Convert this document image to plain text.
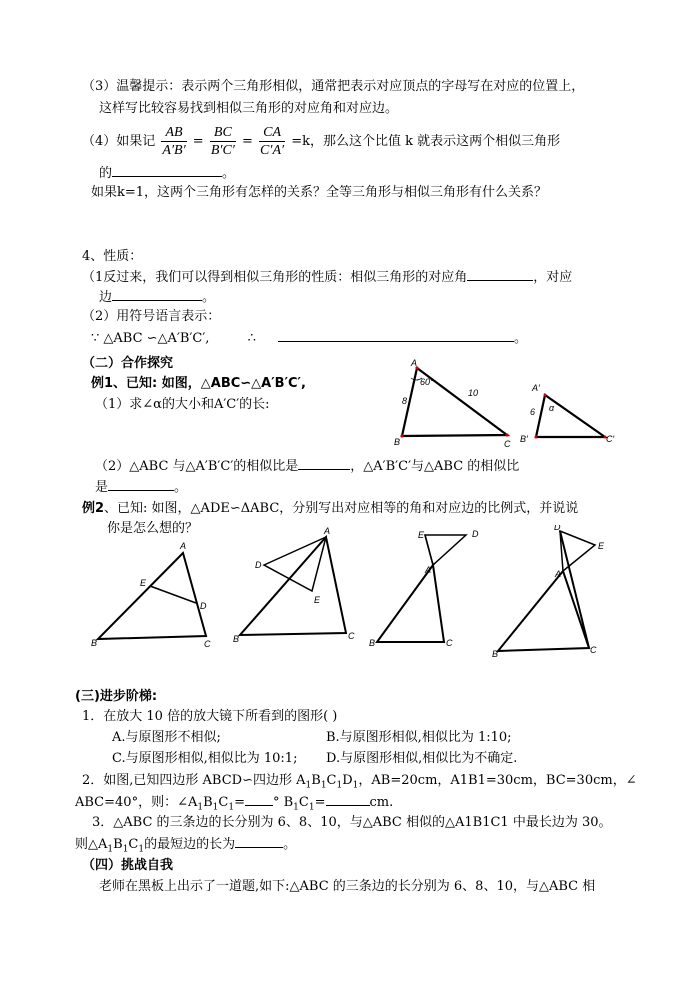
（3）温馨提示：表示两个三角形相似，通常把表示对应顶点的字母写在对应的位置上，
这样写比较容易找到相似三角形的对应角和对应边。
（4）如果记 $\frac{AB}{A'B'} = \frac{BC}{B'C'} = \frac{CA}{C'A'} =k$，那么这个比值 k 就表示这两个相似三角形
的	。
如果k=1，这两个三角形有怎样的关系？全等三角形与相似三角形有什么关系？
4、性质：
（1反过来，我们可以得到相似三角形的性质：相似三角形的对应角	，对应
边	。
（2）用符号语言表示：
∵ △ABC ∽△A′B′C′,	∴	。
（二）合作探究
例1、已知: 如图，△ABC∽△A′B′C′,
（1）求∠α的大小和A′C′的长:
A
B	C
60°
8
10	A′
B′	C′
α
6
（2）△ABC 与△A′B′C′的相似比是	，△A′B′C′与△ABC 的相似比
是	。
例2、已知: 如图，△ADE∽ΔABC，分别写出对应相等的角和对应边的比例式，并说说
你是怎么想的？
A
B	C
D
E
A
B	C
D
E
E	D
A
B	C
D
E
A
B	C
(三)进步阶梯:
1．在放大 10 倍的放大镜下所看到的图形( )
A.与原图形不相似;	B.与原图形相似,相似比为 1:10;
C.与原图形相似,相似比为 10:1; D.与原图形相似,相似比为不确定.
2．如图,已知四边形 ABCD∽四边形 $A_1B_1C_1D_1$，AB=20cm，A1B1=30cm，BC=30cm，∠
ABC=40°，则：$\angle A_1B_1C_1=$ ° $B_1C_1=$	cm.
3．△ABC 的三条边的长分别为 6、8、10，与△ABC 相似的△A1B1C1 中最长边为 30。
则$\triangle A_1B_1C_1$的最短边的长为	。
（四）挑战自我
老师在黑板上出示了一道题,如下:△ABC 的三条边的长分别为 6、8、10，与△ABC 相
